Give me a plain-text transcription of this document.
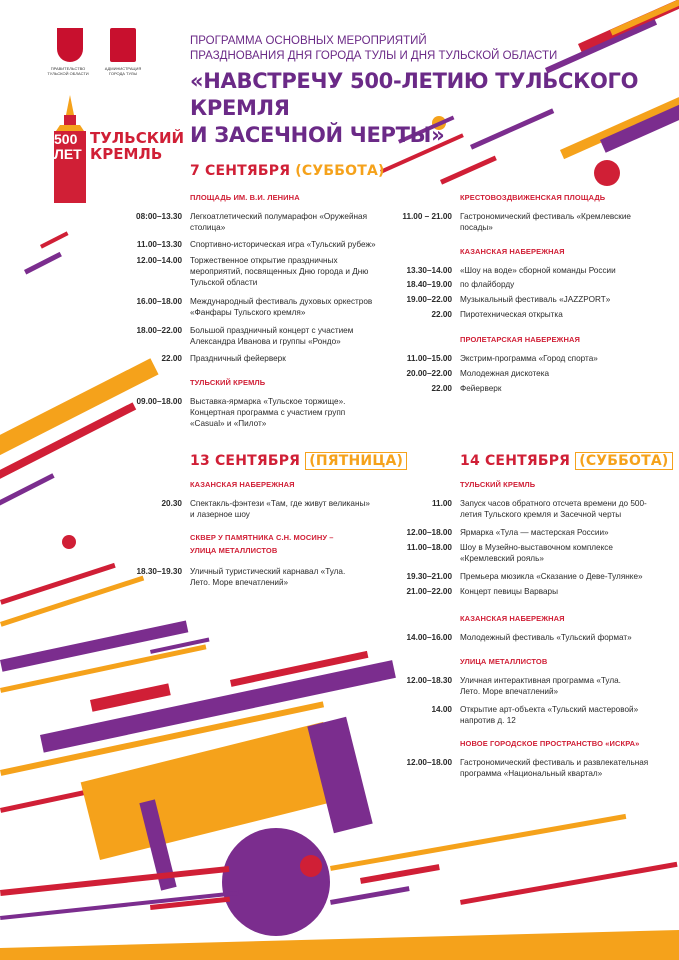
ПРАВИТЕЛЬСТВО ТУЛЬСКОЙ ОБЛАСТИ
АДМИНИСТРАЦИЯ ГОРОДА ТУЛЫ
500 ЛЕТ
ТУЛЬСКИЙ КРЕМЛЬ
ПРОГРАММА ОСНОВНЫХ МЕРОПРИЯТИЙ
ПРАЗДНОВАНИЯ ДНЯ ГОРОДА ТУЛЫ И ДНЯ ТУЛЬСКОЙ ОБЛАСТИ
«НАВСТРЕЧУ 500-ЛЕТИЮ ТУЛЬСКОГО КРЕМЛЯ
И ЗАСЕЧНОЙ ЧЕРТЫ»
7 СЕНТЯБРЯ (СУББОТА)
ПЛОЩАДЬ ИМ. В.И. ЛЕНИНА
08:00–13.30 Легкоатлетический полумарафон «Оружейная столица»
11.00–13.30 Спортивно-историческая игра «Тульский рубеж»
12.00–14.00 Торжественное открытие праздничных мероприятий, посвященных Дню города и Дню Тульской области
16.00–18.00 Международный фестиваль духовых оркестров «Фанфары Тульского кремля»
18.00–22.00 Большой праздничный концерт с участием Александра Иванова и группы «Рондо»
22.00 Праздничный фейерверк
ТУЛЬСКИЙ КРЕМЛЬ
09.00–18.00 Выставка-ярмарка «Тульское торжище». Концертная программа с участием групп «Casual» и «Пилот»
КРЕСТОВОЗДВИЖЕНСКАЯ ПЛОЩАДЬ
11.00 – 21.00 Гастрономический фестиваль «Кремлевские посады»
КАЗАНСКАЯ НАБЕРЕЖНАЯ
13.30–14.00 «Шоу на воде» сборной команды России
18.40–19.00 по флайборду
19.00–22.00 Музыкальный фестиваль «JAZZPORT»
22.00 Пиротехническая открытка
ПРОЛЕТАРСКАЯ НАБЕРЕЖНАЯ
11.00–15.00 Экстрим-программа «Город спорта»
20.00–22.00 Молодежная дискотека
22.00 Фейерверк
13 СЕНТЯБРЯ (ПЯТНИЦА)
КАЗАНСКАЯ НАБЕРЕЖНАЯ
20.30 Спектакль-фэнтези «Там, где живут великаны» и лазерное шоу
СКВЕР У ПАМЯТНИКА С.Н. МОСИНУ –
УЛИЦА МЕТАЛЛИСТОВ
18.30–19.30 Уличный туристический карнавал «Тула. Лето. Море впечатлений»
14 СЕНТЯБРЯ (СУББОТА)
ТУЛЬСКИЙ КРЕМЛЬ
11.00 Запуск часов обратного отсчета времени до 500-летия Тульского кремля и Засечной черты
12.00–18.00 Ярмарка «Тула — мастерская России»
11.00–18.00 Шоу в Музейно-выставочном комплексе «Кремлевский рояль»
19.30–21.00 Премьера мюзикла «Сказание о Деве-Тулянке»
21.00–22.00 Концерт певицы Варвары
КАЗАНСКАЯ НАБЕРЕЖНАЯ
14.00–16.00 Молодежный фестиваль «Тульский формат»
УЛИЦА МЕТАЛЛИСТОВ
12.00–18.30 Уличная интерактивная программа «Тула. Лето. Море впечатлений»
14.00 Открытие арт-объекта «Тульский мастеровой» напротив д. 12
НОВОЕ ГОРОДСКОЕ ПРОСТРАНСТВО «ИСКРА»
12.00–18.00 Гастрономический фестиваль и развлекательная программа «Национальный квартал»
